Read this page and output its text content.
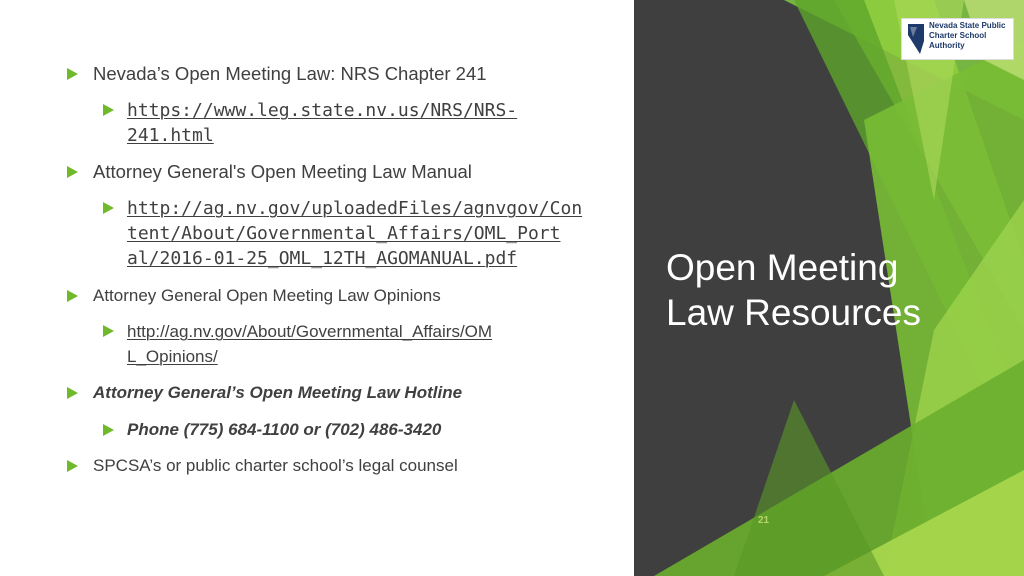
Nevada’s Open Meeting Law: NRS Chapter 241
https://www.leg.state.nv.us/NRS/NRS-
241.html
Attorney General's Open Meeting Law Manual
http://ag.nv.gov/uploadedFiles/agnvgov/Con
tent/About/Governmental_Affairs/OML_Port
al/2016-01-25_OML_12TH_AGOMANUAL.pdf
Attorney General Open Meeting Law Opinions
http://ag.nv.gov/About/Governmental_Affairs/OM
L_Opinions/
Attorney General’s Open Meeting Law Hotline
Phone (775) 684-1100 or (702) 486-3420
SPCSA’s or public charter school’s legal counsel
Open Meeting
Law Resources
21
Nevada State Public
Charter School
Authority
